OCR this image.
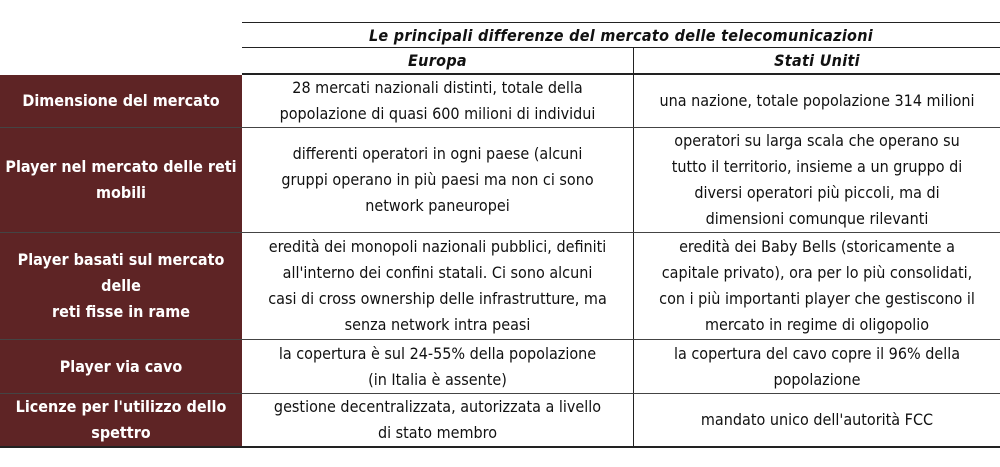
Le principali differenze del mercato delle telecomunicazioni
Europa	Stati Uniti
Dimensione del mercato
28 mercati nazionali distinti, totale della
popolazione di quasi 600 milioni di individui
una nazione, totale popolazione 314 milioni
Player nel mercato delle reti
mobili
differenti operatori in ogni paese (alcuni
gruppi operano in più paesi ma non ci sono
network paneuropei
operatori su larga scala che operano su
tutto il territorio, insieme a un gruppo di
diversi operatori più piccoli, ma di
dimensioni comunque rilevanti
Player basati sul mercato delle
reti fisse in rame
eredità dei monopoli nazionali pubblici, definiti
all'interno dei confini statali. Ci sono alcuni
casi di cross ownership delle infrastrutture, ma
senza network intra peasi
eredità dei Baby Bells (storicamente a
capitale privato), ora per lo più consolidati,
con i più importanti player che gestiscono il
mercato in regime di oligopolio
Player via cavo
la copertura è sul 24-55% della popolazione
(in Italia è assente)
la copertura del cavo copre il 96% della
popolazione
Licenze per l'utilizzo dello
spettro
gestione decentralizzata, autorizzata a livello
di stato membro
mandato unico dell'autorità FCC
